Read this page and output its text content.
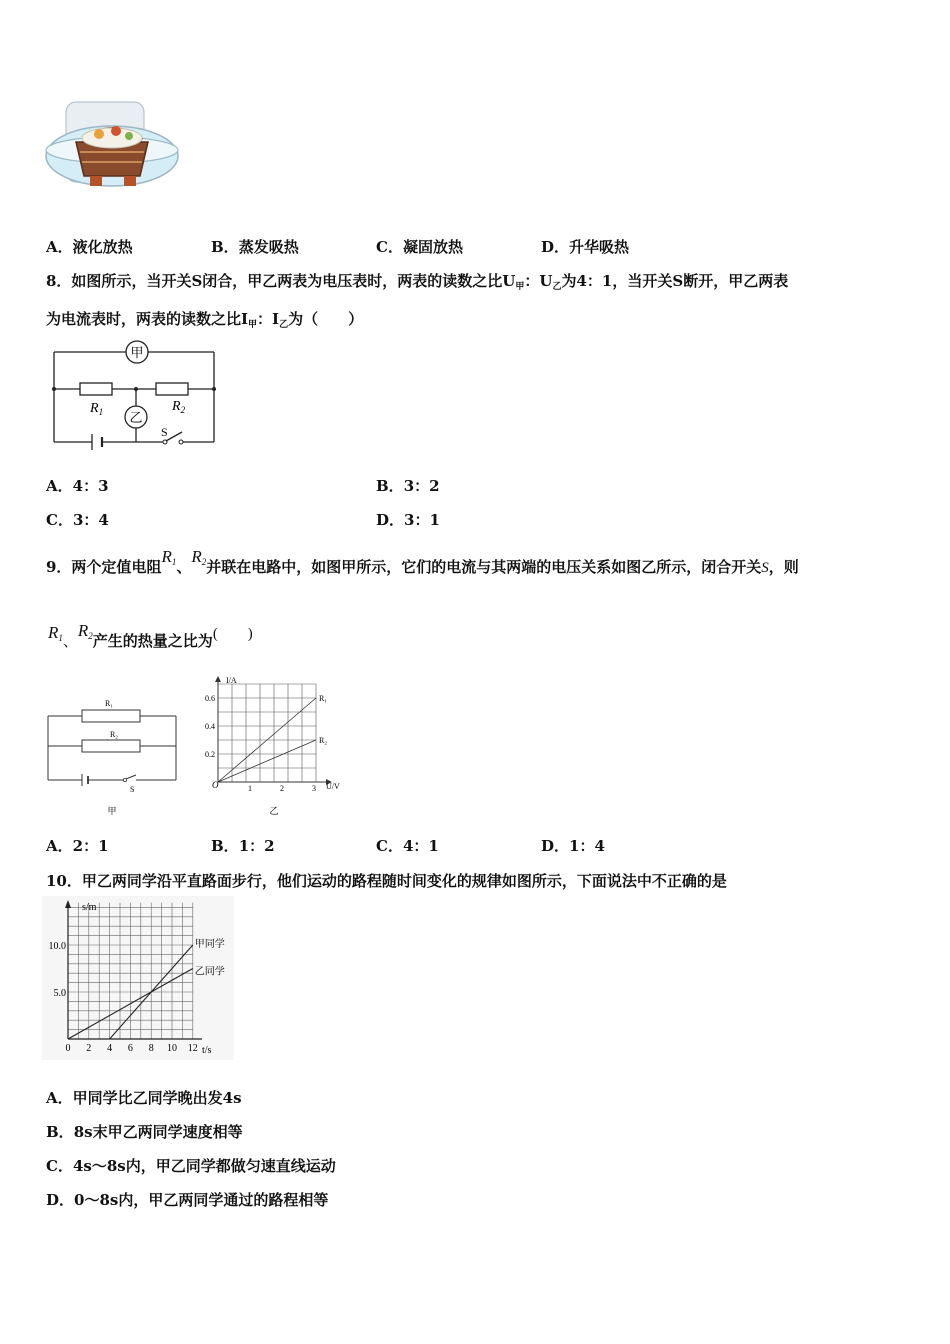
A．液化放热	B．蒸发吸热	C．凝固放热	D．升华吸热
8．如图所示，当开关S闭合，甲乙两表为电压表时，两表的读数之比$U_甲$：$U_乙$为4：1，当开关S断开，甲乙两表
为电流表时，两表的读数之比$I_甲$：$I_乙$为（　　）
甲
乙
$R_1$	$R_2$
S
A．4：3	B．3：2
C．3：4	D．3：1
9．两个定值电阻$R_1$、$R_2$并联在电路中，如图甲所示，它们的电流与其两端的电压关系如图乙所示，闭合开关S，则
$R_1$、$R_2$产生的热量之比为(　　)
R₁
R₂
S
甲
I/A
U/V
O	1	2	3
0.2
0.4
0.6	R₁
R₂
乙
A．2：1	B．1：2	C．4：1	D．1：4
10．甲乙两同学沿平直路面步行，他们运动的路程随时间变化的规律如图所示，下面说法中不正确的是
s/m
t/s
0 2 4 6 8 10 12
5.0
10.0	甲同学
乙同学
A．甲同学比乙同学晚出发4s
B．8s末甲乙两同学速度相等
C．4s～8s内，甲乙同学都做匀速直线运动
D．0～8s内，甲乙两同学通过的路程相等
